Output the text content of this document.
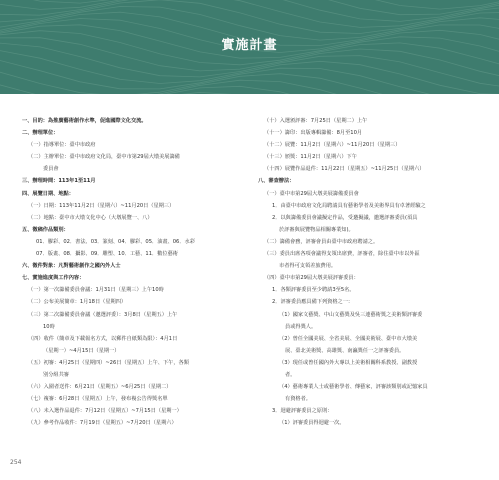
實施計畫
一、目的：為推廣藝術創作水準，促進國際文化交流。
二、辦理單位：
（一）指導單位：臺中市政府
（二）主辦單位：臺中市政府文化局，臺中市第29屆大墩美展籌備
委員會
三、辦理時間：113年1至11月
四、展覽日期、地點：
（一）日期：113年11月2日（星期六）~11月20日（星期三）
（二）地點：臺中市大墩文化中心（大墩展覽一、八）
五、徵稿作品類別：
01．膠彩、02．書法、03．篆刻、04．膠彩、05．油畫、06．水彩
07．版畫、08．攝影、09．雕塑、10．工藝、11．數位藝術
六、徵件對象：凡對藝術創作之國內外人士
七、實施進度與工作內容：
（一）第一次籌備委員會議：1月31日（星期三）上午10時
（二）公布美展簡章：1月18日（星期四）
（三）第二次籌備委員會議（邀選評委）：3月8日（星期五）上午
10時
（四）收件（簡章及下載報名方式，以郵件自紙類為限）：4月1日
（星期一）~4月15日（星期一）
（五）初審：4月25日（星期四）~26日（星期五）上午、下午，各類
別分組共審
（六）入圍者送件：6月21日（星期五）~6月25日（星期二）
（七）複審：6月28日（星期五）上午，發布複公告得獎名單
（八）未入選作品退件：7月12日（星期五）~7月15日（星期一）
（九）參考作品收件：7月19日（星期五）~7月20日（星期六）
（十）入選頒評審：7月25日（星期二）上午
（十一）籌印：出版專輯籌備：8月至10月
（十二）展覽：11月2日（星期六）~11月20日（星期三）
（十三）頒獎：11月2日（星期六）下午
（十四）展覽作品退件：11月22日（星期五）~11月25日（星期六）
八、審查辦法：
（一）臺中市第29屆大墩美展籌備委員會
1．由臺中市政府文化局聘請具有藝術學者及美術界具有卓著經驗之
2．以與籌備委員會議擬定作品，受邀擬議，邀選評審委員(須具
於評審與展覽物品相關專業知)。
（二）籌備會務，評審會員由臺中市政府聘請之。
（三）委員出席各項會議得支領出席費，評審者，除住臺中市以外區
市者得可支領差旅費用。
（四）臺中市第29屆大墩美展評審委員：
1．各類評審委員至少聘請3至5名。
2．評審委員應具備下列資格之一：
（1）國家文藝獎、中山文藝獎及吳三連藝術獎之美術類評審委
員或得獎人。
（2）曾任全國美展、全省美展、全國美術展、臺中市大墩美
展、臺北美術獎、高雄獎、南瀛獎任一之評審委員。
（3）現任或曾任國內外大專以上美術相關科系教授、副教授
者。
（4）藝術專業人士或藝術學者、傳藝家，評審該類別或記憶家具
有資格者。
3．迴避評審委員之原則：
（1）評審委員得迴避一次。
254
